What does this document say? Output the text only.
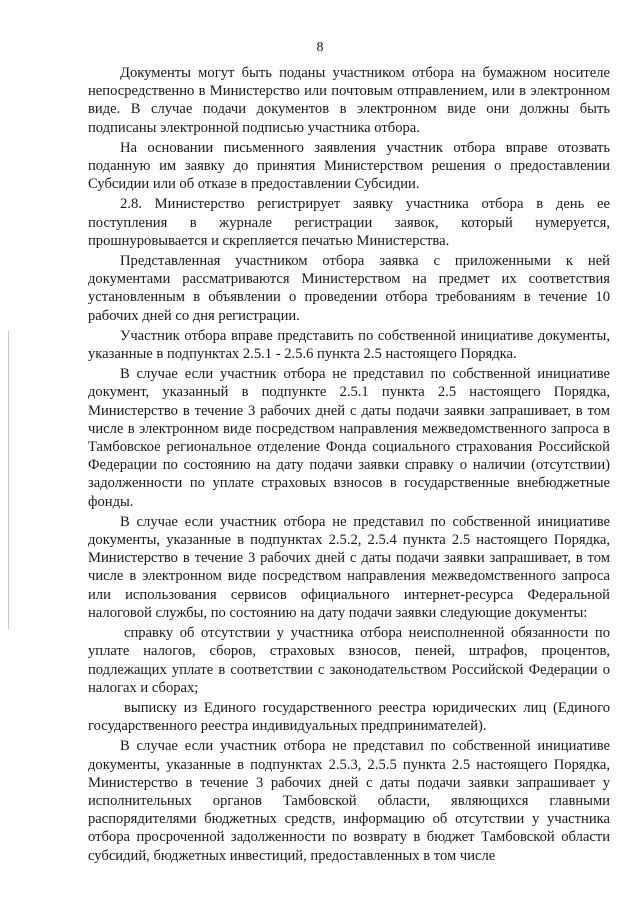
8

Документы могут быть поданы участником отбора на бумажном носителе непосредственно в Министерство или почтовым отправлением, или в электронном виде. В случае подачи документов в электронном виде они должны быть подписаны электронной подписью участника отбора.

На основании письменного заявления участник отбора вправе отозвать поданную им заявку до принятия Министерством решения о предоставлении Субсидии или об отказе в предоставлении Субсидии.

2.8. Министерство регистрирует заявку участника отбора в день ее поступления в журнале регистрации заявок, который нумеруется, прошнуровывается и скрепляется печатью Министерства.

Представленная участником отбора заявка с приложенными к ней документами рассматриваются Министерством на предмет их соответствия установленным в объявлении о проведении отбора требованиям в течение 10 рабочих дней со дня регистрации.

Участник отбора вправе представить по собственной инициативе документы, указанные в подпунктах 2.5.1 - 2.5.6 пункта 2.5 настоящего Порядка.

В случае если участник отбора не представил по собственной инициативе документ, указанный в подпункте 2.5.1 пункта 2.5 настоящего Порядка, Министерство в течение 3 рабочих дней с даты подачи заявки запрашивает, в том числе в электронном виде посредством направления межведомственного запроса в Тамбовское региональное отделение Фонда социального страхования Российской Федерации по состоянию на дату подачи заявки справку о наличии (отсутствии) задолженности по уплате страховых взносов в государственные внебюджетные фонды.

В случае если участник отбора не представил по собственной инициативе документы, указанные в подпунктах 2.5.2, 2.5.4 пункта 2.5 настоящего Порядка, Министерство в течение 3 рабочих дней с даты подачи заявки запрашивает, в том числе в электронном виде посредством направления межведомственного запроса или использования сервисов официального интернет-ресурса Федеральной налоговой службы, по состоянию на дату подачи заявки следующие документы:

справку об отсутствии у участника отбора неисполненной обязанности по уплате налогов, сборов, страховых взносов, пеней, штрафов, процентов, подлежащих уплате в соответствии с законодательством Российской Федерации о налогах и сборах;

выписку из Единого государственного реестра юридических лиц (Единого государственного реестра индивидуальных предпринимателей).

В случае если участник отбора не представил по собственной инициативе документы, указанные в подпунктах 2.5.3, 2.5.5 пункта 2.5 настоящего Порядка, Министерство в течение 3 рабочих дней с даты подачи заявки запрашивает у исполнительных органов Тамбовской области, являющихся главными распорядителями бюджетных средств, информацию об отсутствии у участника отбора просроченной задолженности по возврату в бюджет Тамбовской области субсидий, бюджетных инвестиций, предоставленных в том числе
